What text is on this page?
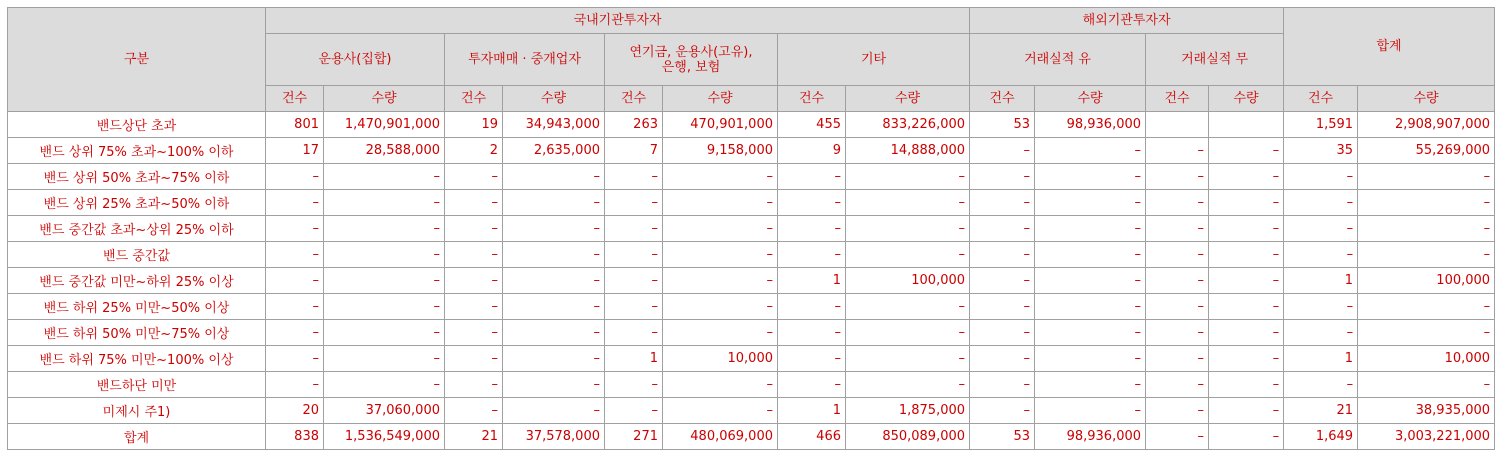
구분	국내기관투자자								해외기관투자자				합계	
	운용사(집합)		투자매매 · 중개업자		연기금, 운용사(고유),
은행, 보험		기타		거래실적 유		거래실적 무			
	건수	수량	건수	수량	건수	수량	건수	수량	건수	수량	건수	수량	건수	수량
밴드상단 초과	801	1,470,901,000	19	34,943,000	263	470,901,000	455	833,226,000	53	98,936,000			1,591	2,908,907,000
밴드 상위 75% 초과~100% 이하	17	28,588,000	2	2,635,000	7	9,158,000	9	14,888,000	–	–	–	–	35	55,269,000
밴드 상위 50% 초과~75% 이하	–	–	–	–	–	–	–	–	–	–	–	–	–	–
밴드 상위 25% 초과~50% 이하	–	–	–	–	–	–	–	–	–	–	–	–	–	–
밴드 중간값 초과~상위 25% 이하	–	–	–	–	–	–	–	–	–	–	–	–	–	–
밴드 중간값	–	–	–	–	–	–	–	–	–	–	–	–	–	–
밴드 중간값 미만~하위 25% 이상	–	–	–	–	–	–	1	100,000	–	–	–	–	1	100,000
밴드 하위 25% 미만~50% 이상	–	–	–	–	–	–	–	–	–	–	–	–	–	–
밴드 하위 50% 미만~75% 이상	–	–	–	–	–	–	–	–	–	–	–	–	–	–
밴드 하위 75% 미만~100% 이상	–	–	–	–	1	10,000	–	–	–	–	–	–	1	10,000
밴드하단 미만	–	–	–	–	–	–	–	–	–	–	–	–	–	–
미제시 주1)	20	37,060,000	–	–	–	–	1	1,875,000	–	–	–	–	21	38,935,000
합계	838	1,536,549,000	21	37,578,000	271	480,069,000	466	850,089,000	53	98,936,000	–	–	1,649	3,003,221,000
